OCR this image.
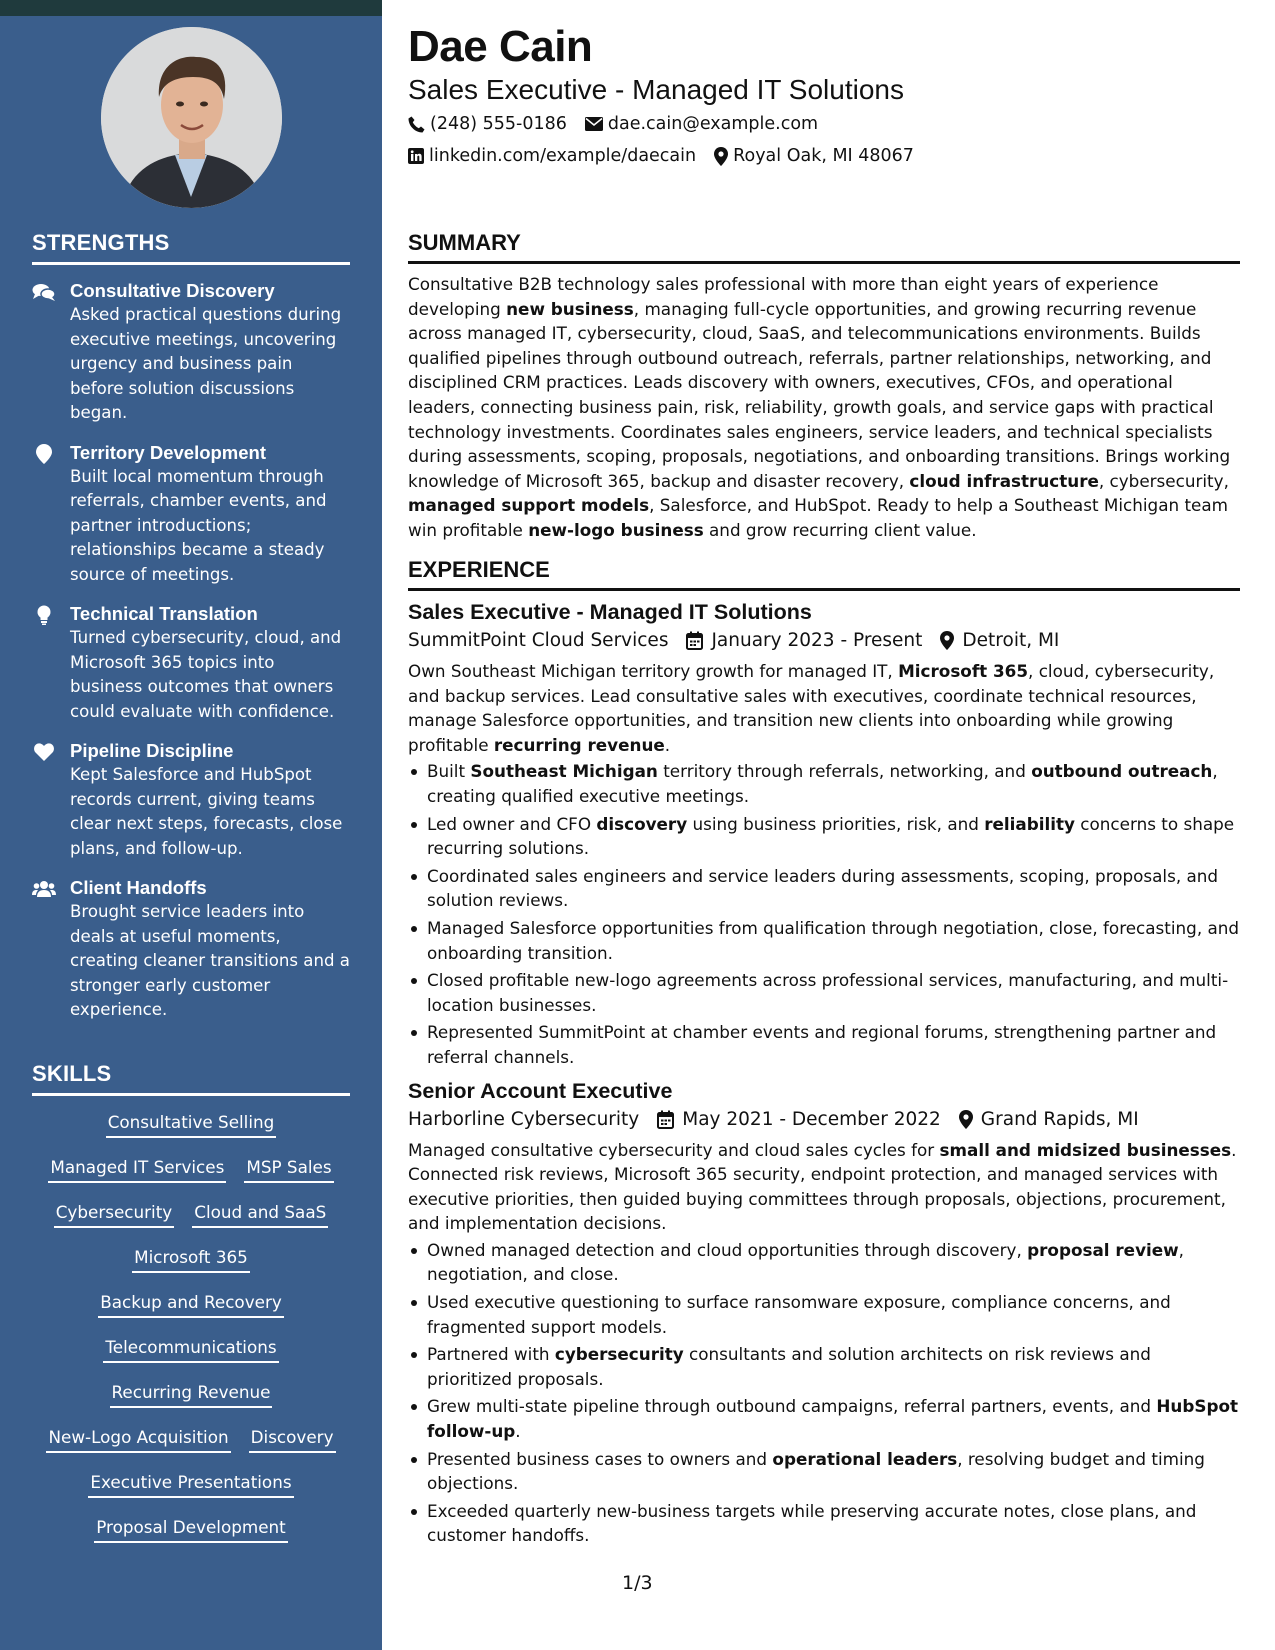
STRENGTHS
Consultative Discovery
Asked practical questions during executive meetings, uncovering urgency and business pain before solution discussions began.
Territory Development
Built local momentum through referrals, chamber events, and partner introductions; relationships became a steady source of meetings.
Technical Translation
Turned cybersecurity, cloud, and Microsoft 365 topics into business outcomes that owners could evaluate with confidence.
Pipeline Discipline
Kept Salesforce and HubSpot records current, giving teams clear next steps, forecasts, close plans, and follow-up.
Client Handoffs
Brought service leaders into deals at useful moments, creating cleaner transitions and a stronger early customer experience.
SKILLS
Consultative Selling
Managed IT Services MSP Sales
Cybersecurity Cloud and SaaS
Microsoft 365
Backup and Recovery
Telecommunications
Recurring Revenue
New-Logo Acquisition Discovery
Executive Presentations
Proposal Development
Dae Cain
Sales Executive - Managed IT Solutions
(248) 555-0186 dae.cain@example.com
linkedin.com/example/daecain Royal Oak, MI 48067
SUMMARY
Consultative B2B technology sales professional with more than eight years of experience developing new business, managing full-cycle opportunities, and growing recurring revenue across managed IT, cybersecurity, cloud, SaaS, and telecommunications environments. Builds qualified pipelines through outbound outreach, referrals, partner relationships, networking, and disciplined CRM practices. Leads discovery with owners, executives, CFOs, and operational leaders, connecting business pain, risk, reliability, growth goals, and service gaps with practical technology investments. Coordinates sales engineers, service leaders, and technical specialists during assessments, scoping, proposals, negotiations, and onboarding transitions. Brings working knowledge of Microsoft 365, backup and disaster recovery, cloud infrastructure, cybersecurity, managed support models, Salesforce, and HubSpot. Ready to help a Southeast Michigan team win profitable new-logo business and grow recurring client value.
EXPERIENCE
Sales Executive - Managed IT Solutions
SummitPoint Cloud Services January 2023 - Present Detroit, MI
Own Southeast Michigan territory growth for managed IT, Microsoft 365, cloud, cybersecurity, and backup services. Lead consultative sales with executives, coordinate technical resources, manage Salesforce opportunities, and transition new clients into onboarding while growing profitable recurring revenue.
Built Southeast Michigan territory through referrals, networking, and outbound outreach, creating qualified executive meetings.
Led owner and CFO discovery using business priorities, risk, and reliability concerns to shape recurring solutions.
Coordinated sales engineers and service leaders during assessments, scoping, proposals, and solution reviews.
Managed Salesforce opportunities from qualification through negotiation, close, forecasting, and onboarding transition.
Closed profitable new-logo agreements across professional services, manufacturing, and multi-location businesses.
Represented SummitPoint at chamber events and regional forums, strengthening partner and referral channels.
Senior Account Executive
Harborline Cybersecurity May 2021 - December 2022 Grand Rapids, MI
Managed consultative cybersecurity and cloud sales cycles for small and midsized businesses. Connected risk reviews, Microsoft 365 security, endpoint protection, and managed services with executive priorities, then guided buying committees through proposals, objections, procurement, and implementation decisions.
Owned managed detection and cloud opportunities through discovery, proposal review, negotiation, and close.
Used executive questioning to surface ransomware exposure, compliance concerns, and fragmented support models.
Partnered with cybersecurity consultants and solution architects on risk reviews and prioritized proposals.
Grew multi-state pipeline through outbound campaigns, referral partners, events, and HubSpot follow-up.
Presented business cases to owners and operational leaders, resolving budget and timing objections.
Exceeded quarterly new-business targets while preserving accurate notes, close plans, and customer handoffs.
1/3
